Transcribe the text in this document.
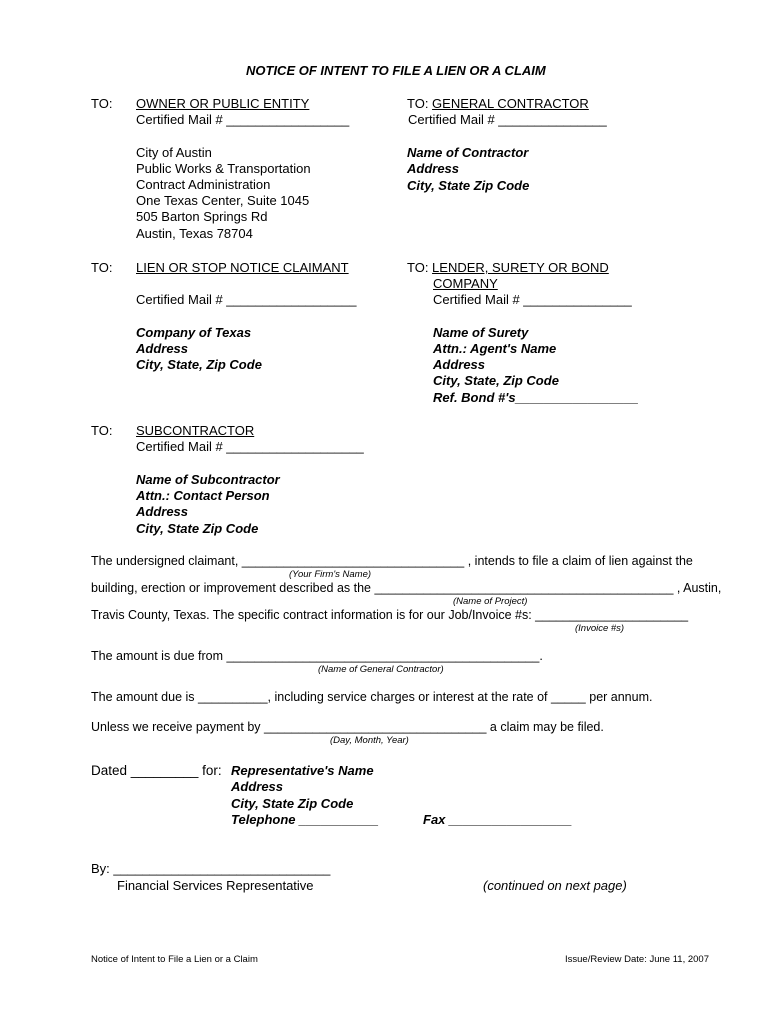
NOTICE OF INTENT TO FILE A LIEN OR A CLAIM
TO: OWNER OR PUBLIC ENTITY
Certified Mail # _________________
City of Austin
Public Works & Transportation
Contract Administration
One Texas Center, Suite 1045
505 Barton Springs Rd
Austin, Texas 78704
TO: GENERAL CONTRACTOR
Certified Mail # _______________
Name of Contractor
Address
City, State Zip Code
TO: LIEN OR STOP NOTICE CLAIMANT
Certified Mail # __________________
Company of Texas
Address
City, State, Zip Code
TO: LENDER, SURETY OR BOND
COMPANY
Certified Mail # _______________
Name of Surety
Attn.: Agent's Name
Address
City, State, Zip Code
Ref. Bond #'s_________________
TO: SUBCONTRACTOR
Certified Mail # ___________________
Name of Subcontractor
Attn.: Contact Person
Address
City, State Zip Code
The undersigned claimant, ________________________________ , intends to file a claim of lien against the
(Your Firm's Name)
building, erection or improvement described as the ___________________________________________ , Austin,
(Name of Project)
Travis County, Texas. The specific contract information is for our Job/Invoice #s: ______________________
(Invoice #s)
The amount is due from _____________________________________________.
(Name of General Contractor)
The amount due is __________, including service charges or interest at the rate of _____ per annum.
Unless we receive payment by ________________________________ a claim may be filed.
(Day, Month, Year)
Dated _________ for: Representative's Name
Address
City, State Zip Code
Telephone ___________	Fax _________________
By: ______________________________
Financial Services Representative	(continued on next page)
Notice of Intent to File a Lien or a Claim	Issue/Review Date: June 11, 2007
